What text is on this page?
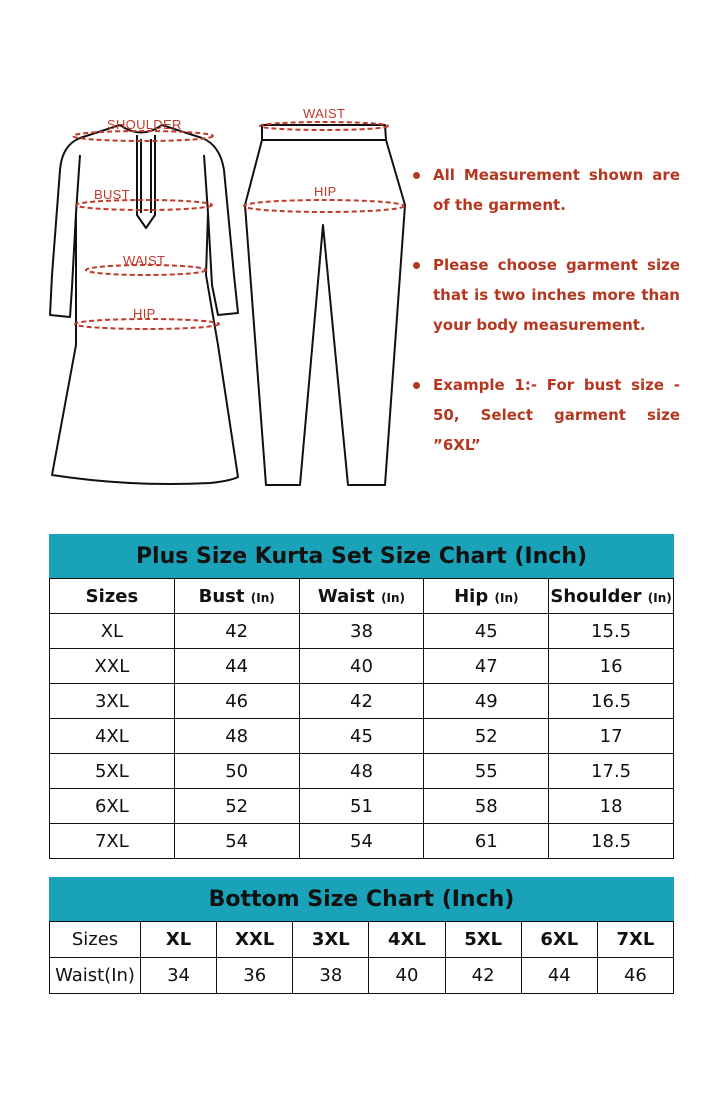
SHOULDER
BUST
WAIST
HIP
WAIST
HIP
All Measurement shown are of the garment.
Please choose garment size that is two inches more than your body measurement.
Example 1:- For bust size - 50, Select garment size ”6XL”
Plus Size Kurta Set Size Chart (Inch)
Sizes	Bust (In)	Waist (In)	Hip (In)	Shoulder (In)
XL	42	38	45	15.5
XXL	44	40	47	16
3XL	46	42	49	16.5
4XL	48	45	52	17
5XL	50	48	55	17.5
6XL	52	51	58	18
7XL	54	54	61	18.5
Bottom Size Chart (Inch)
Sizes	XL	XXL	3XL	4XL	5XL	6XL	7XL
Waist(In)	34	36	38	40	42	44	46
